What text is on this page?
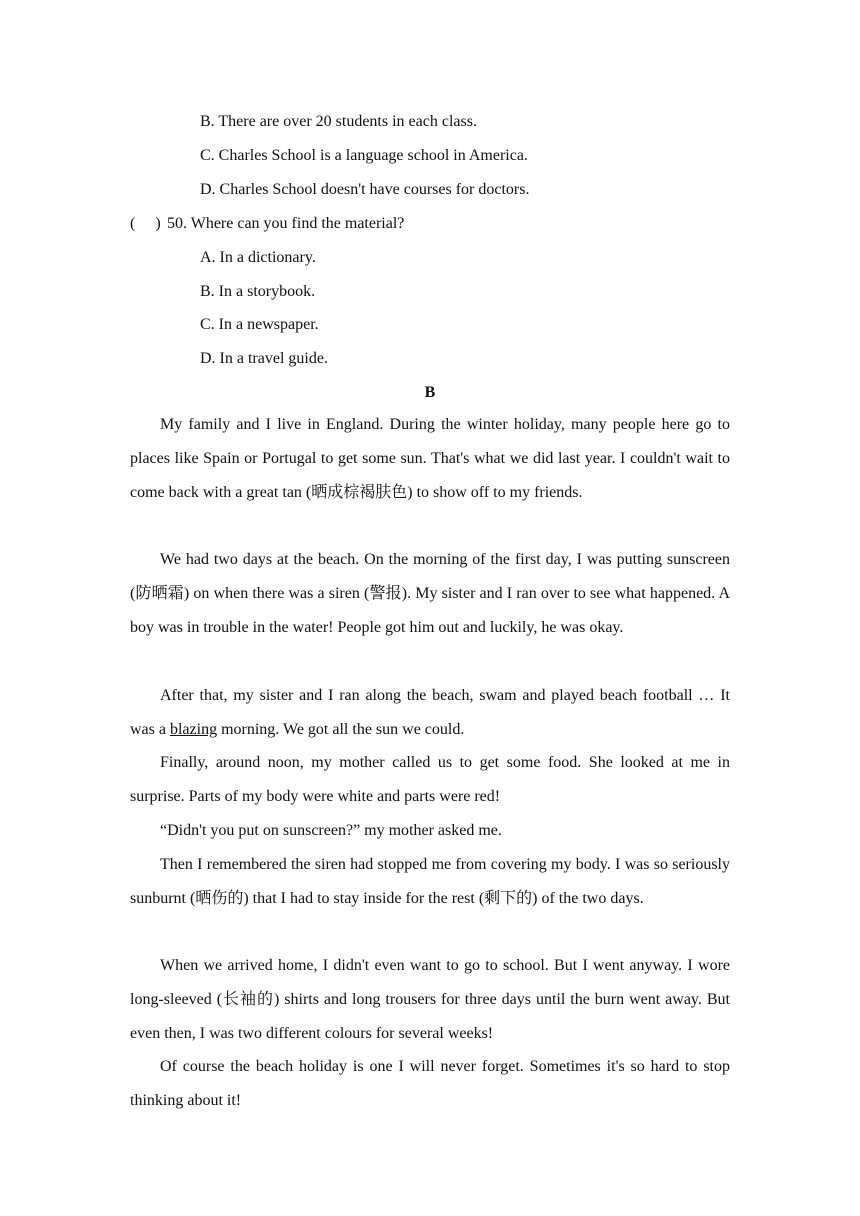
B. There are over 20 students in each class.
C. Charles School is a language school in America.
D. Charles School doesn't have courses for doctors.
( ) 50. Where can you find the material?
A. In a dictionary.
B. In a storybook.
C. In a newspaper.
D. In a travel guide.
B

My family and I live in England. During the winter holiday, many people here go to places like Spain or Portugal to get some sun. That's what we did last year. I couldn't wait to come back with a great tan (晒成棕褐肤色) to show off to my friends.

We had two days at the beach. On the morning of the first day, I was putting sunscreen (防晒霜) on when there was a siren (警报). My sister and I ran over to see what happened. A boy was in trouble in the water! People got him out and luckily, he was okay.

After that, my sister and I ran along the beach, swam and played beach football … It was a blazing morning. We got all the sun we could.

Finally, around noon, my mother called us to get some food. She looked at me in surprise. Parts of my body were white and parts were red!

“Didn't you put on sunscreen?” my mother asked me.

Then I remembered the siren had stopped me from covering my body. I was so seriously sunburnt (晒伤的) that I had to stay inside for the rest (剩下的) of the two days.

When we arrived home, I didn't even want to go to school. But I went anyway. I wore long-sleeved (长袖的) shirts and long trousers for three days until the burn went away. But even then, I was two different colours for several weeks!

Of course the beach holiday is one I will never forget. Sometimes it's so hard to stop thinking about it!
